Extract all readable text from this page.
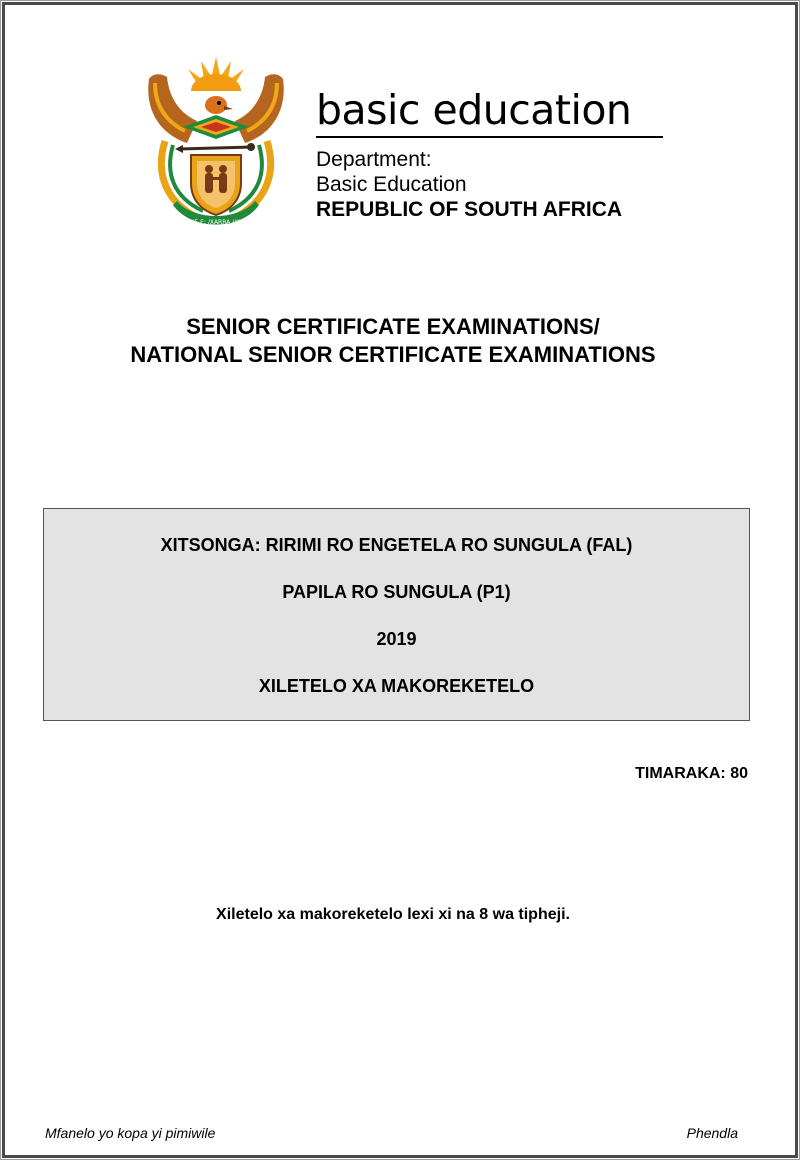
!KE E: /XARRA //KE
basic education
Department:
Basic Education
REPUBLIC OF SOUTH AFRICA
SENIOR CERTIFICATE EXAMINATIONS/
NATIONAL SENIOR CERTIFICATE EXAMINATIONS
XITSONGA: RIRIMI RO ENGETELA RO SUNGULA (FAL)
PAPILA RO SUNGULA (P1)
2019
XILETELO XA MAKOREKETELO
TIMARAKA: 80
Xiletelo xa makoreketelo lexi xi na 8 wa tipheji.
Mfanelo yo kopa yi pimiwile	Phendla
